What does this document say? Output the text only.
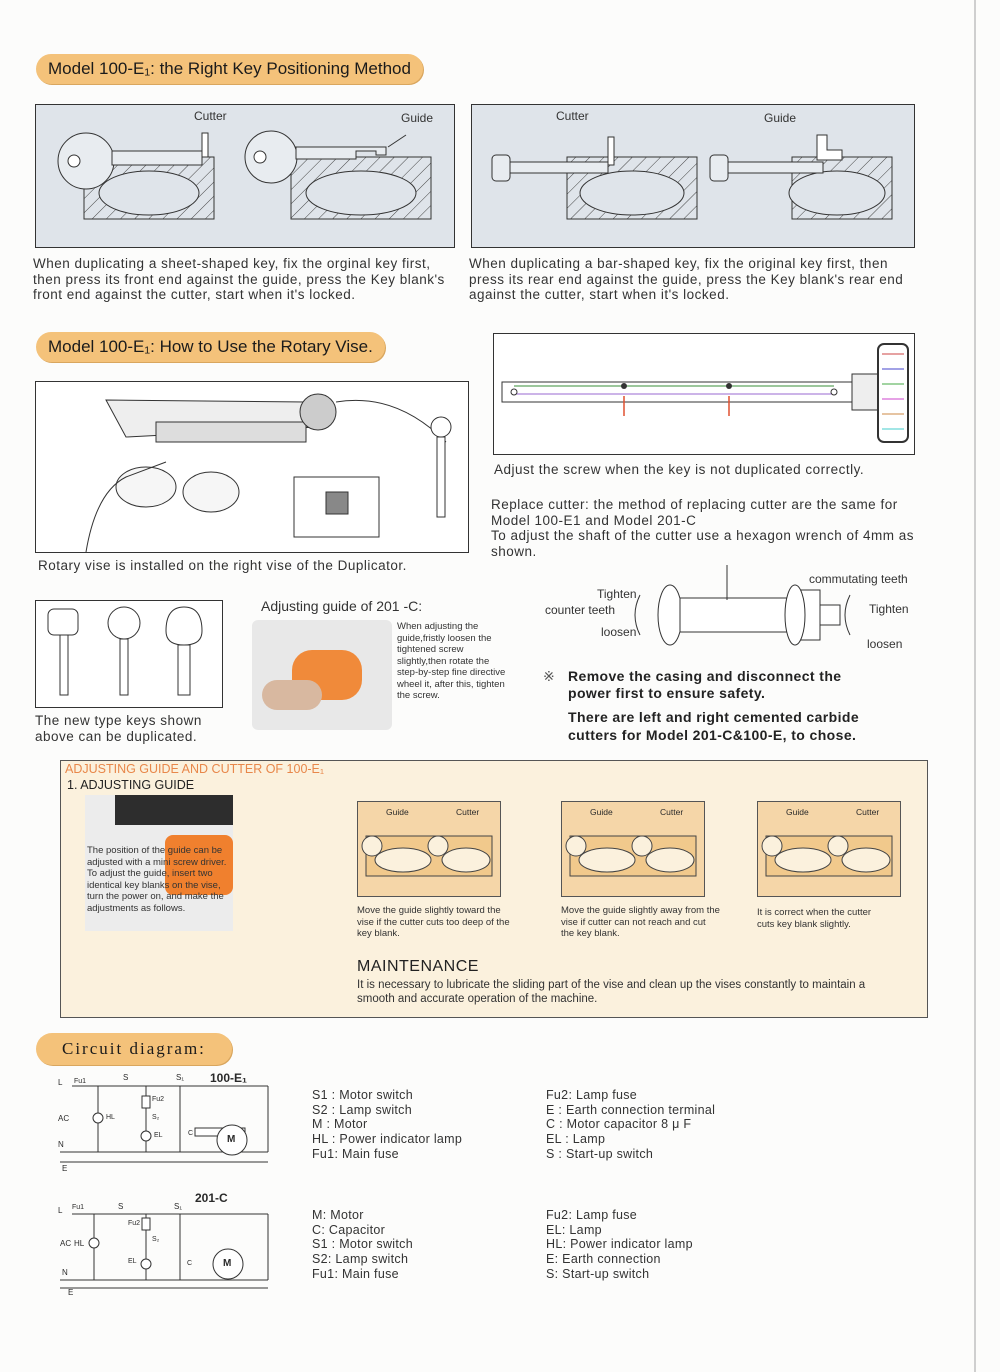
Model 100-E₁: the Right Key Positioning Method
Cutter	Guide
When duplicating a sheet-shaped key, fix the orginal key first, then press its front end against the guide, press the Key blank's front end against the cutter, start when it's locked.
Cutter	Guide
When duplicating a bar-shaped key, fix the original key first, then press its rear end against the guide, press the Key blank's rear end against the cutter, start when it's locked.
Model 100-E₁: How to Use the Rotary Vise.
Rotary vise is installed on the right vise of the Duplicator.
Adjust the screw when the key is not duplicated correctly.
Replace cutter: the method of replacing cutter are the same for Model 100-E1 and Model 201-C
To adjust the shaft of the cutter use a hexagon wrench of 4mm as shown.
Tighten
counter teeth
loosen
commutating teeth
Tighten
loosen
The new type keys shown above can be duplicated.
Adjusting guide of 201 -C:
When adjusting the guide,fristly loosen the tightened screw slightly,then rotate the step-by-step fine directive wheel it, after this, tighten the screw.
※ Remove the casing and disconnect the power first to ensure safety.
There are left and right cemented carbide cutters for Model 201-C&100-E, to chose.
ADJUSTING GUIDE AND CUTTER OF 100-E₁
1. ADJUSTING GUIDE
The position of the guide can be adjusted with a mini screw driver. To adjust the guide, insert two identical key blanks on the vise, turn the power on, and make the adjustments as follows.
Guide	Cutter
Move the guide slightly toward the vise if the cutter cuts too deep of the key blank.
Guide	Cutter
Move the guide slightly away from the vise if cutter can not reach and cut the key blank.
Guide	Cutter
It is correct when the cutter cuts key blank slightly.
MAINTENANCE
It is necessary to lubricate the sliding part of the vise and clean up the vises constantly to maintain a smooth and accurate operation of the machine.
Circuit diagram:
100-E₁
L Fu1	S	S₁
Fu2
S₂
AC	HL
EL	C
M
N
E
S1 : Motor switch
S2 : Lamp switch
M : Motor
HL : Power indicator lamp
Fu1: Main fuse
Fu2: Lamp fuse
E : Earth connection terminal
C : Motor capacitor 8 μ F
EL : Lamp
S : Start-up switch
201-C
L Fu1	S	S₁
Fu2
S₂
AC HL
EL	C	M
N
E
M: Motor
C: Capacitor
S1 : Motor switch
S2: Lamp switch
Fu1: Main fuse
Fu2: Lamp fuse
EL: Lamp
HL: Power indicator lamp
E: Earth connection
S: Start-up switch
